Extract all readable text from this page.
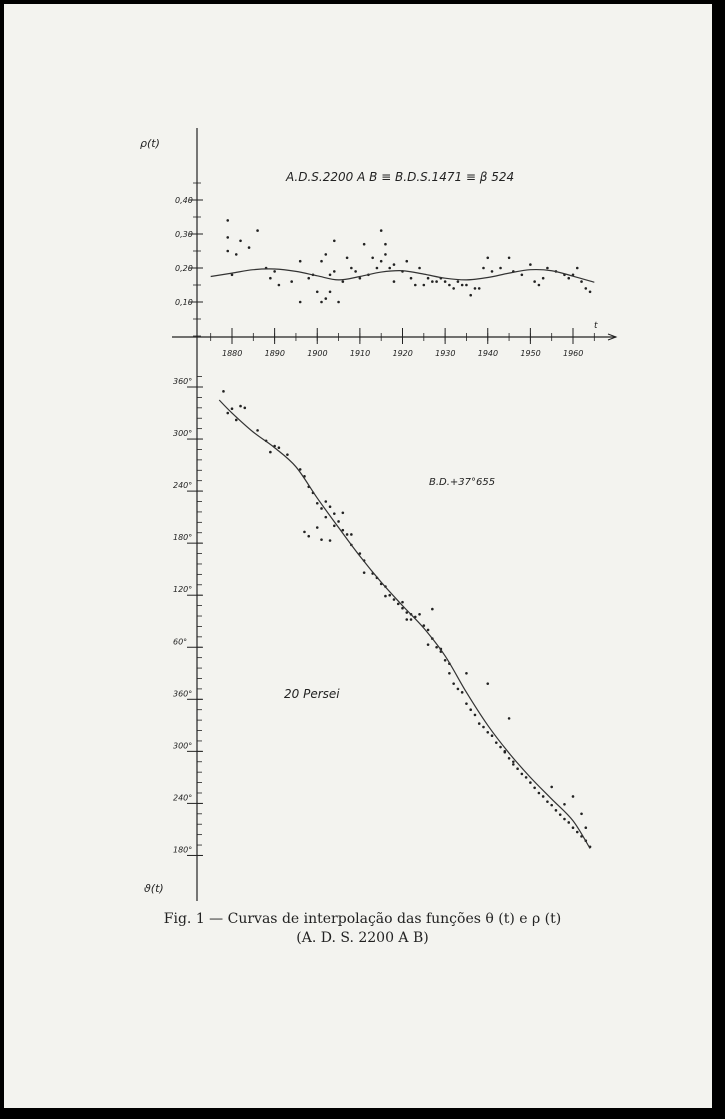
0,10
0,20
0,30
0,40
1880	1890	1900	1910	1920	1930	1940	1950	1960
360°
300°
240°
180°
120°
60°
360°
300°
240°
180°
ρ(t)
ϑ(t)
t
A.D.S.2200 A B ≡ B.D.S.1471 ≡ β 524
B.D.+37°655
20 Persei
Fig. 1 — Curvas de interpolação das funções θ (t) e ρ (t)
(A. D. S. 2200 A B)
